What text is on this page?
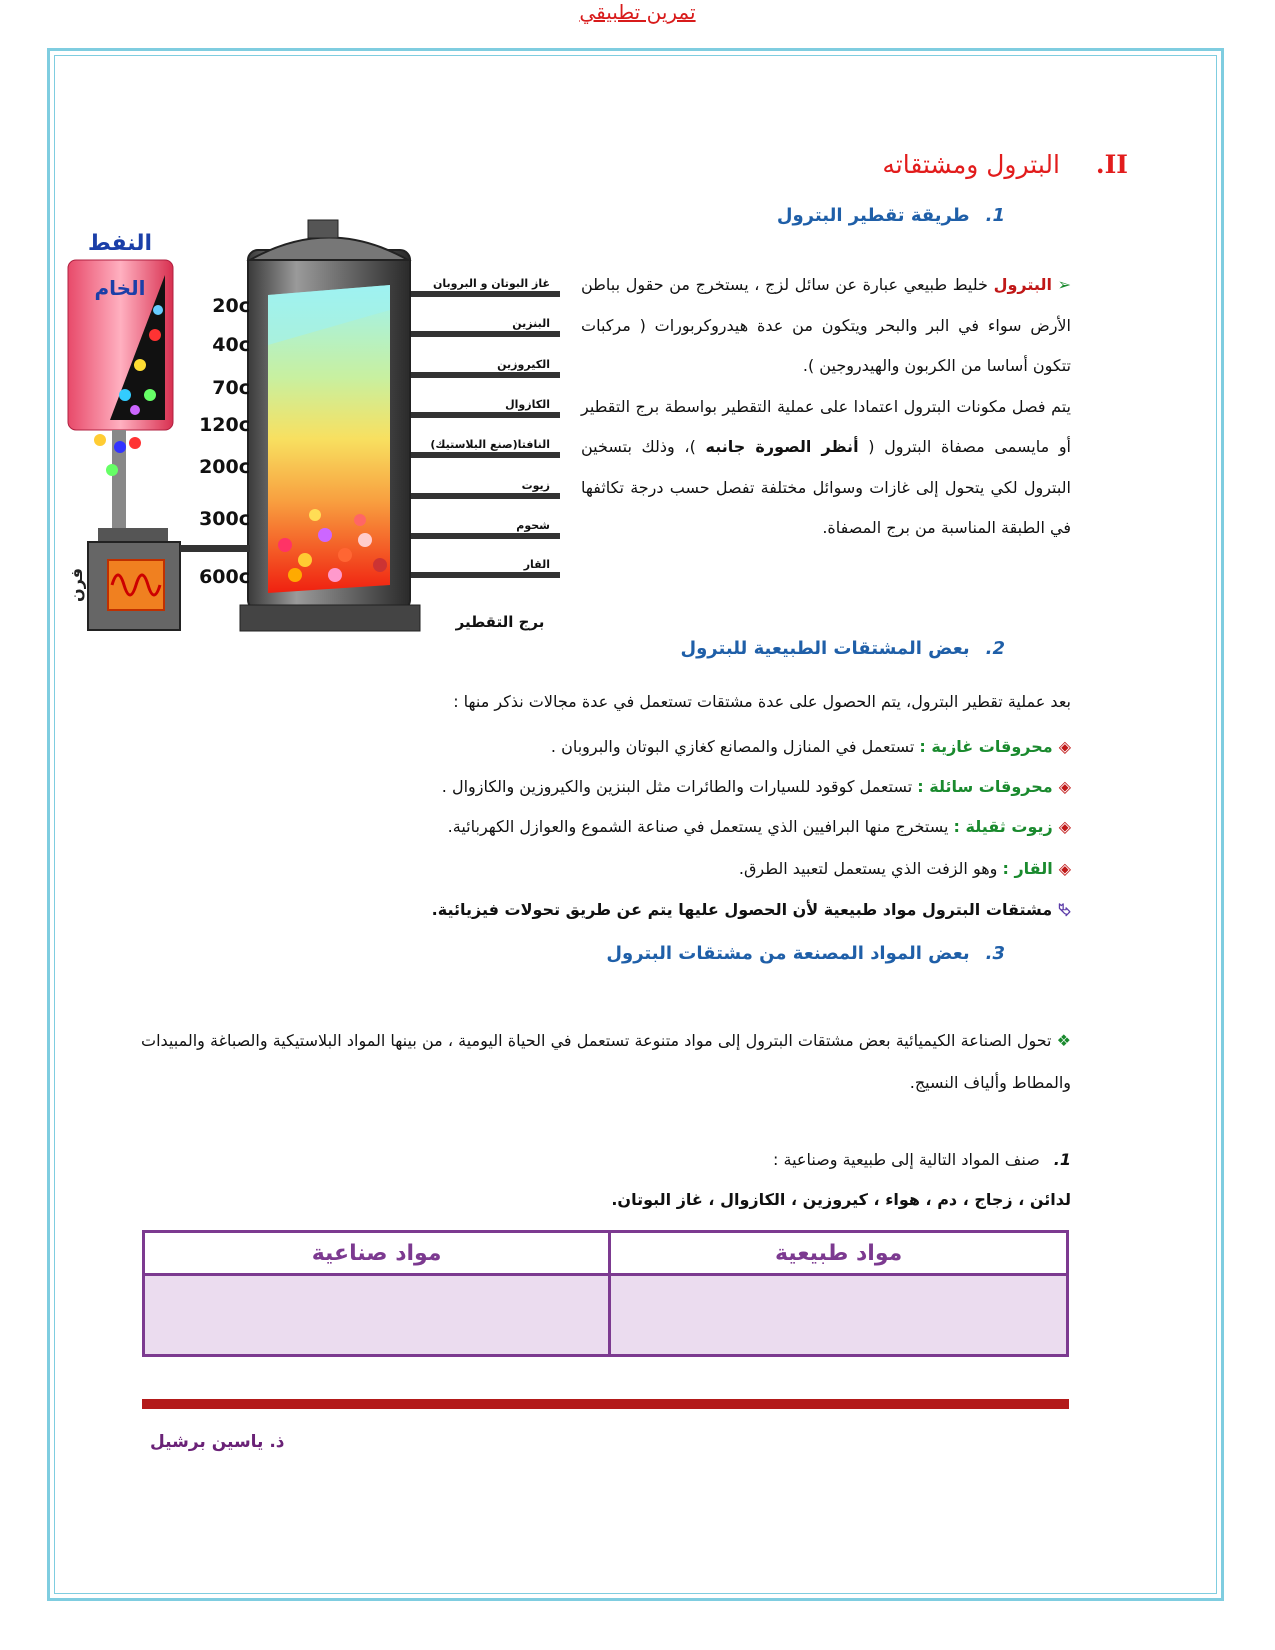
II. البترول ومشتقاته
1.طريقة تقطير البترول
➢ البترول خليط طبيعي عبارة عن سائل لزج ، يستخرج من حقول بباطن الأرض سواء في البر والبحر ويتكون من عدة هيدروكربورات ( مركبات تتكون أساسا من الكربون والهيدروجين ).
يتم فصل مكونات البترول اعتمادا على عملية التقطير بواسطة برج التقطير أو مايسمى مصفاة البترول ( أنظر الصورة جانبه )، وذلك بتسخين البترول لكي يتحول إلى غازات وسوائل مختلفة تفصل حسب درجة تكاثفها في الطبقة المناسبة من برج المصفاة.
النفط
الخام
فرن
20c
40c
70c
120c
200c
300c
600c
غاز البوتان و البروبان
البنزين
الكيروزين
الكازوال
النافتا(صنع البلاستيك)
زيوت
شحوم
القار
برج التقطير
2.بعض المشتقات الطبيعية للبترول
بعد عملية تقطير البترول، يتم الحصول على عدة مشتقات تستعمل في عدة مجالات نذكر منها :
◈محروقات غازية : تستعمل في المنازل والمصانع كغازي البوتان والبروبان .
◈محروقات سائلة : تستعمل كوقود للسيارات والطائرات مثل البنزين والكيروزين والكازوال .
◈زيوت ثقيلة : يستخرج منها البرافيين الذي يستعمل في صناعة الشموع والعوازل الكهربائية.
◈القار : وهو الزفت الذي يستعمل لتعبيد الطرق.
⮱مشتقات البترول مواد طبيعية لأن الحصول عليها يتم عن طريق تحولات فيزيائية.
3.بعض المواد المصنعة من مشتقات البترول
❖ تحول الصناعة الكيميائية بعض مشتقات البترول إلى مواد متنوعة تستعمل في الحياة اليومية ، من بينها المواد البلاستيكية والصباغة والمبيدات والمطاط وألياف النسيج.
تمرين تطبيقي
1.صنف المواد التالية إلى طبيعية وصناعية :
لدائن ، زجاج ، دم ، هواء ، كيروزين ، الكازوال ، غاز البوتان.
مواد طبيعية	مواد صناعية

ذ. ياسين برشيل
